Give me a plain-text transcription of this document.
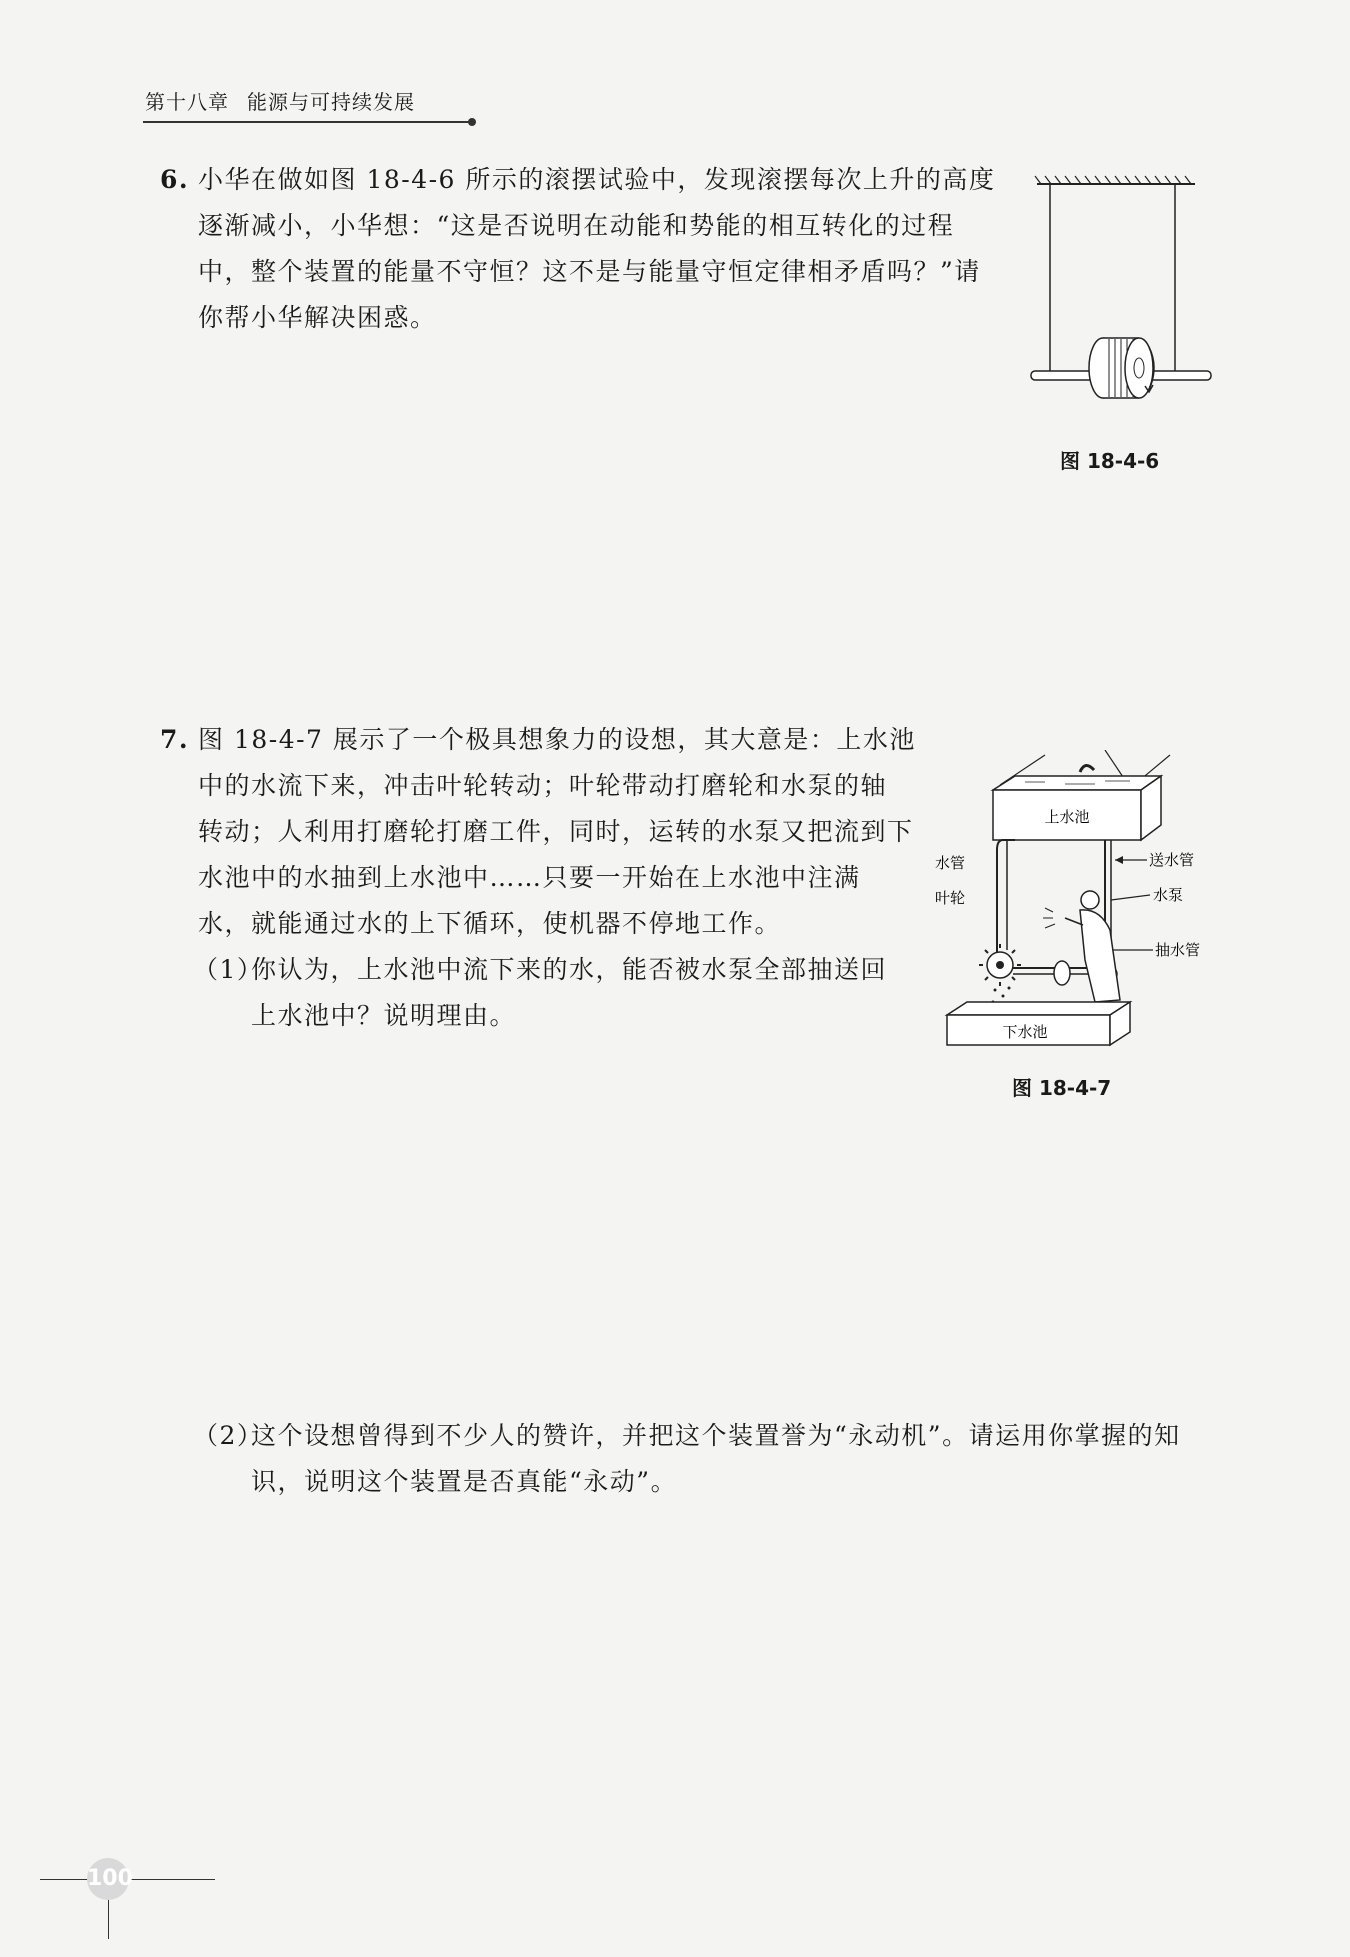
第十八章 能源与可持续发展
6. 小华在做如图 18-4-6 所示的滚摆试验中，发现滚摆每次上升的高度
逐渐减小，小华想：“这是否说明在动能和势能的相互转化的过程
中，整个装置的能量不守恒？这不是与能量守恒定律相矛盾吗？”请
你帮小华解决困惑。
图 18-4-6
7. 图 18-4-7 展示了一个极具想象力的设想，其大意是：上水池
中的水流下来，冲击叶轮转动；叶轮带动打磨轮和水泵的轴
转动；人利用打磨轮打磨工件，同时，运转的水泵又把流到下
水池中的水抽到上水池中……只要一开始在上水池中注满
水，就能通过水的上下循环，使机器不停地工作。
（1）
你认为，上水池中流下来的水，能否被水泵全部抽送回
上水池中？说明理由。
上水池
下水池
水管
叶轮
送水管
水泵
抽水管
图 18-4-7
（2）
这个设想曾得到不少人的赞许，并把这个装置誉为“永动机”。请运用你掌握的知
识，说明这个装置是否真能“永动”。
100
